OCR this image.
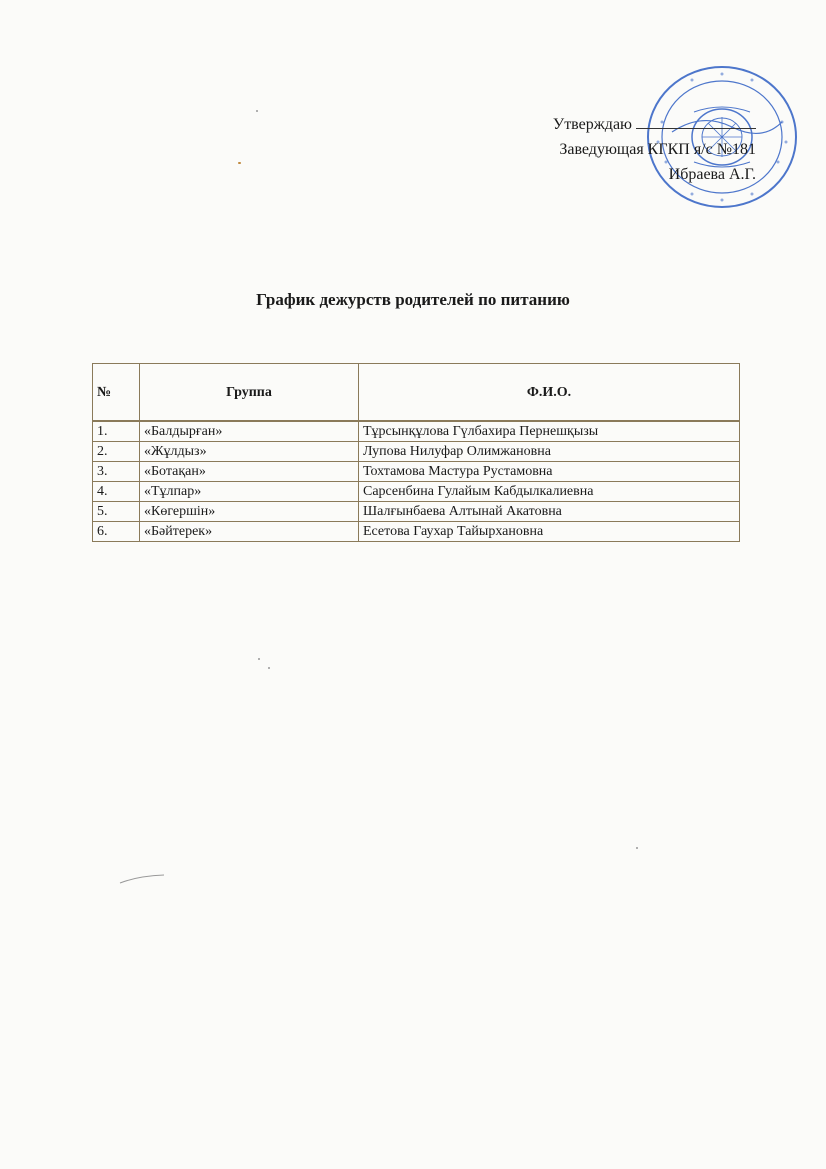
Утверждаю
Заведующая КГКП я/с №181
Ибраева А.Г.
График дежурств родителей по питанию
№	Группа	Ф.И.О.
1.	«Балдырған»	Тұрсынқұлова Гүлбахира Пернешқызы
2.	«Жұлдыз»	Лупова Нилуфар Олимжановна
3.	«Ботақан»	Тохтамова Мастура Рустамовна
4.	«Тұлпар»	Сарсенбина Гулайым Кабдылкалиевна
5.	«Көгершін»	Шалғынбаева Алтынай Акатовна
6.	«Бәйтерек»	Есетова Гаухар Тайырхановна
